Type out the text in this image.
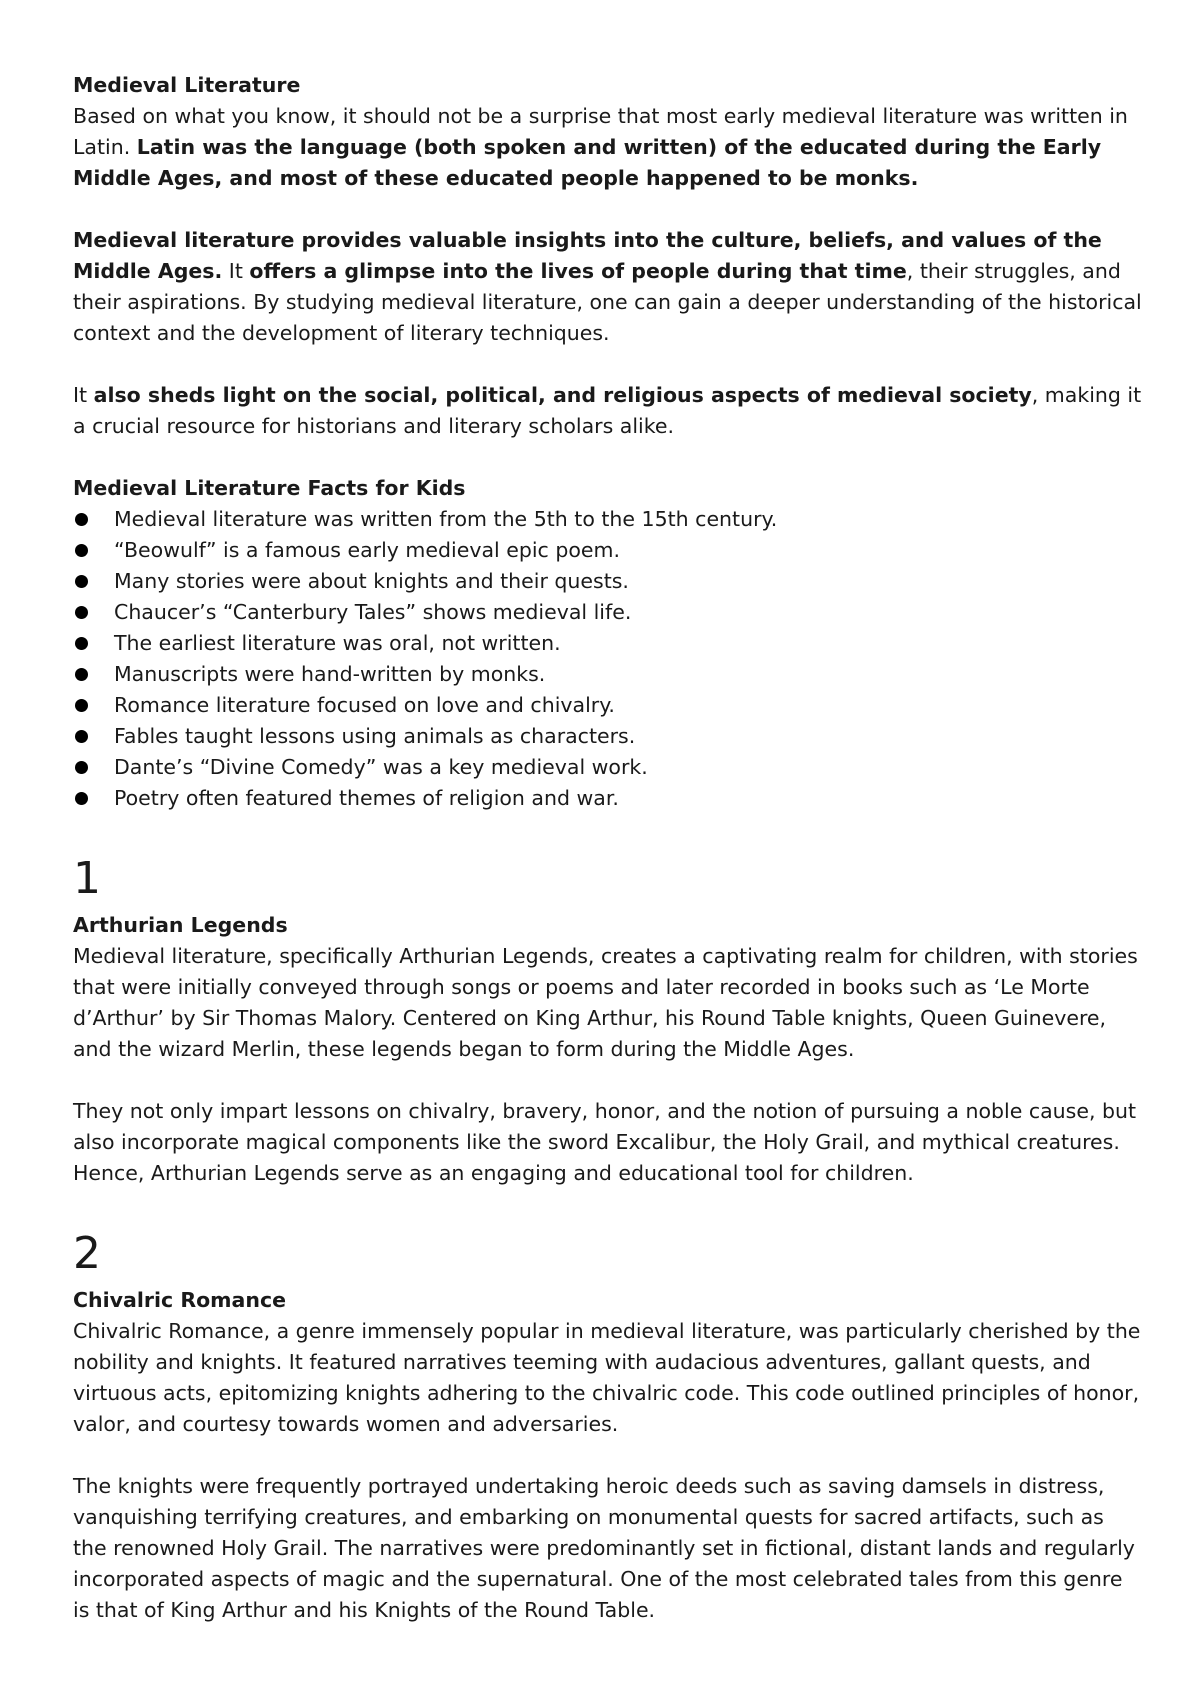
Medieval Literature

Based on what you know, it should not be a surprise that most early medieval literature was written in Latin. Latin was the language (both spoken and written) of the educated during the Early Middle Ages, and most of these educated people happened to be monks.

Medieval literature provides valuable insights into the culture, beliefs, and values of the Middle Ages. It offers a glimpse into the lives of people during that time, their struggles, and their aspirations. By studying medieval literature, one can gain a deeper understanding of the historical context and the development of literary techniques.

It also sheds light on the social, political, and religious aspects of medieval society, making it a crucial resource for historians and literary scholars alike.

Medieval Literature Facts for Kids

Medieval literature was written from the 5th to the 15th century.
“Beowulf” is a famous early medieval epic poem.
Many stories were about knights and their quests.
Chaucer’s “Canterbury Tales” shows medieval life.
The earliest literature was oral, not written.
Manuscripts were hand-written by monks.
Romance literature focused on love and chivalry.
Fables taught lessons using animals as characters.
Dante’s “Divine Comedy” was a key medieval work.
Poetry often featured themes of religion and war.
1

Arthurian Legends

Medieval literature, specifically Arthurian Legends, creates a captivating realm for children, with stories that were initially conveyed through songs or poems and later recorded in books such as ‘Le Morte d’Arthur’ by Sir Thomas Malory. Centered on King Arthur, his Round Table knights, Queen Guinevere, and the wizard Merlin, these legends began to form during the Middle Ages.

They not only impart lessons on chivalry, bravery, honor, and the notion of pursuing a noble cause, but also incorporate magical components like the sword Excalibur, the Holy Grail, and mythical creatures. Hence, Arthurian Legends serve as an engaging and educational tool for children.

2

Chivalric Romance

Chivalric Romance, a genre immensely popular in medieval literature, was particularly cherished by the nobility and knights. It featured narratives teeming with audacious adventures, gallant quests, and virtuous acts, epitomizing knights adhering to the chivalric code. This code outlined principles of honor, valor, and courtesy towards women and adversaries.

The knights were frequently portrayed undertaking heroic deeds such as saving damsels in distress, vanquishing terrifying creatures, and embarking on monumental quests for sacred artifacts, such as the renowned Holy Grail. The narratives were predominantly set in fictional, distant lands and regularly incorporated aspects of magic and the supernatural. One of the most celebrated tales from this genre is that of King Arthur and his Knights of the Round Table.
